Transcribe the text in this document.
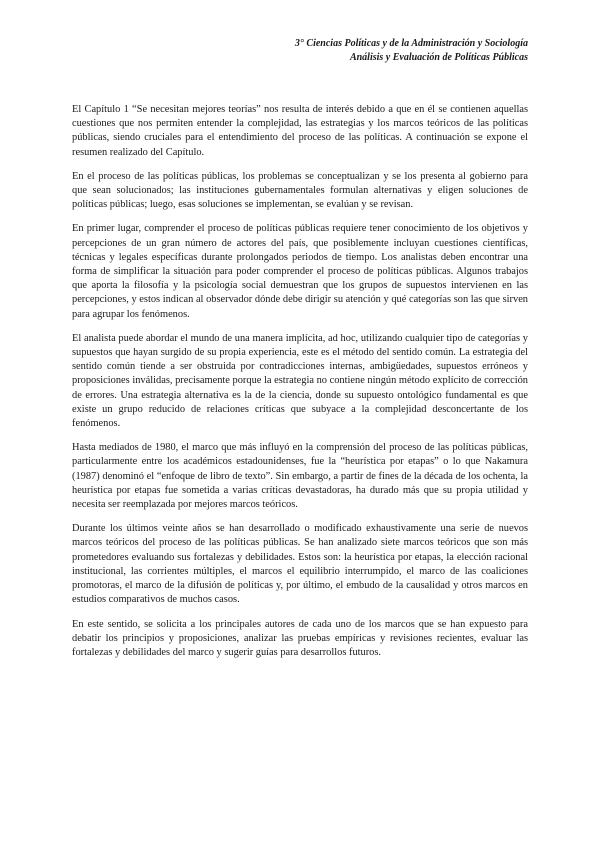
3° Ciencias Políticas y de la Administración y Sociología
Análisis y Evaluación de Políticas Públicas

El Capítulo 1 “Se necesitan mejores teorías” nos resulta de interés debido a que en él se contienen aquellas cuestiones que nos permiten entender la complejidad, las estrategias y los marcos teóricos de las políticas públicas, siendo cruciales para el entendimiento del proceso de las políticas. A continuación se expone el resumen realizado del Capítulo.

En el proceso de las políticas públicas, los problemas se conceptualizan y se los presenta al gobierno para que sean solucionados; las instituciones gubernamentales formulan alternativas y eligen soluciones de políticas públicas; luego, esas soluciones se implementan, se evalúan y se revisan.

En primer lugar, comprender el proceso de políticas públicas requiere tener conocimiento de los objetivos y percepciones de un gran número de actores del país, que posiblemente incluyan cuestiones científicas, técnicas y legales específicas durante prolongados periodos de tiempo. Los analistas deben encontrar una forma de simplificar la situación para poder comprender el proceso de políticas públicas. Algunos trabajos que aporta la filosofía y la psicología social demuestran que los grupos de supuestos intervienen en las percepciones, y estos indican al observador dónde debe dirigir su atención y qué categorías son las que sirven para agrupar los fenómenos.

El analista puede abordar el mundo de una manera implícita, ad hoc, utilizando cualquier tipo de categorías y supuestos que hayan surgido de su propia experiencia, este es el método del sentido común. La estrategia del sentido común tiende a ser obstruida por contradicciones internas, ambigüedades, supuestos erróneos y proposiciones inválidas, precisamente porque la estrategia no contiene ningún método explícito de corrección de errores. Una estrategia alternativa es la de la ciencia, donde su supuesto ontológico fundamental es que existe un grupo reducido de relaciones críticas que subyace a la complejidad desconcertante de los fenómenos.

Hasta mediados de 1980, el marco que más influyó en la comprensión del proceso de las políticas públicas, particularmente entre los académicos estadounidenses, fue la “heurística por etapas” o lo que Nakamura (1987) denominó el “enfoque de libro de texto”. Sin embargo, a partir de fines de la década de los ochenta, la heurística por etapas fue sometida a varias críticas devastadoras, ha durado más que su propia utilidad y necesita ser reemplazada por mejores marcos teóricos.

Durante los últimos veinte años se han desarrollado o modificado exhaustivamente una serie de nuevos marcos teóricos del proceso de las políticas públicas. Se han analizado siete marcos teóricos que son más prometedores evaluando sus fortalezas y debilidades. Estos son: la heurística por etapas, la elección racional institucional, las corrientes múltiples, el marcos el equilibrio interrumpido, el marco de las coaliciones promotoras, el marco de la difusión de políticas y, por último, el embudo de la causalidad y otros marcos en estudios comparativos de muchos casos.

En este sentido, se solicita a los principales autores de cada uno de los marcos que se han expuesto para debatir los principios y proposiciones, analizar las pruebas empíricas y revisiones recientes, evaluar las fortalezas y debilidades del marco y sugerir guías para desarrollos futuros.
